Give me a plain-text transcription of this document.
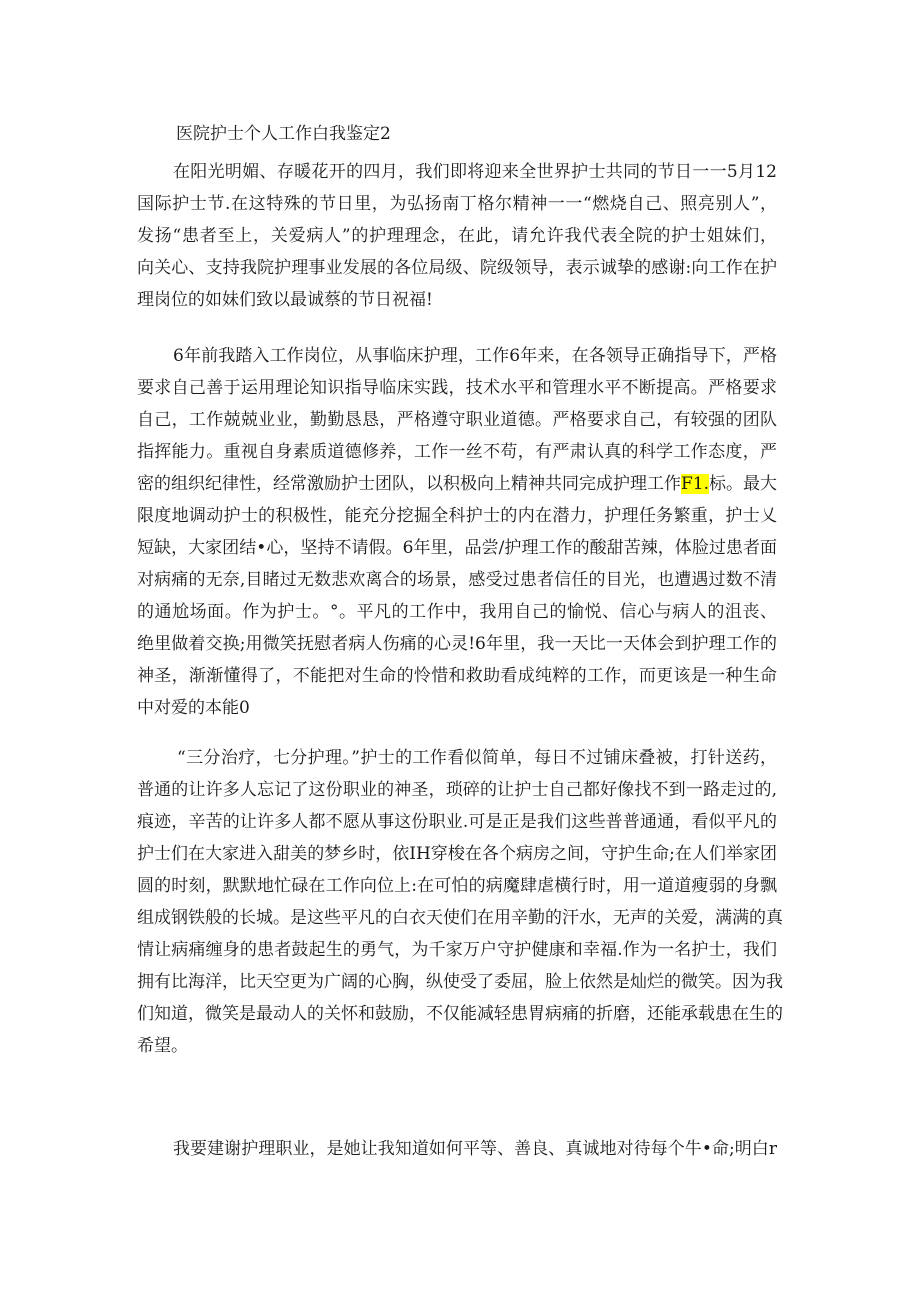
医院护士个人工作白我鉴定2
在阳光明媚、存暖花开的四月，我们即将迎来全世界护士共同的节日一一5月12
国际护士节.在这特殊的节日里，为弘扬南丁格尔精神一一“燃烧自己、照亮别人”，
发扬“患者至上，关爱病人”的护理理念，在此，请允许我代表全院的护士姐妹们，
向关心、支持我院护理事业发展的各位局级、院级领导，表示诚挚的感谢:向工作在护
理岗位的如妹们致以最诚蔡的节日祝福!
6年前我踏入工作岗位，从事临床护理，工作6年来，在各领导正确指导下，严格
要求自己善于运用理论知识指导临床实践，技术水平和管理水平不断提高。严格要求
自己，工作兢兢业业，勤勤恳恳，严格遵守职业道德。严格要求自己，有较强的团队
指挥能力。重视自身素质道德修养，工作一丝不苟，有严肃认真的科学工作态度，严
密的组织纪律性，经常激励护士团队，以积极向上精神共同完成护理工作F1.标。最大
限度地调动护士的积极性，能充分挖掘全科护士的内在潜力，护理任务繁重，护士乂
短缺，大家团结•心，坚持不请假。6年里，品尝/护理工作的酸甜苦辣，体脸过患者面
对病痛的无奈,目睹过无数悲欢离合的场景，感受过患者信任的目光，也遭遇过数不清
的通尬场面。作为护士。°。平凡的工作中，我用自己的愉悦、信心与病人的沮丧、
绝里做着交换;用微笑抚慰者病人伤痛的心灵!6年里，我一天比一天体会到护理工作的
神圣，渐渐懂得了，不能把对生命的怜惜和救助看成纯粹的工作，而更该是一种生命
中对爱的本能0
“三分治疗，七分护理。”护士的工作看似简单，每日不过铺床叠被，打针送药，
普通的让许多人忘记了这份职业的神圣，琐碎的让护士自己都好像找不到一路走过的,
痕迹，辛苦的让许多人都不愿从事这份职业.可是正是我们这些普普通通，看似平凡的
护士们在大家进入甜美的梦乡时，依IH穿梭在各个病房之间，守护生命;在人们举家团
圆的时刻，默默地忙碌在工作向位上:在可怕的病魔肆虐横行时，用一道道瘦弱的身飘
组成钢铁般的长城。是这些平凡的白衣天使们在用辛勤的汗水，无声的关爱，满满的真
情让病痛缠身的患者鼓起生的勇气，为千家万户守护健康和幸福.作为一名护士，我们
拥有比海洋，比天空更为广阔的心胸，纵使受了委屈，脸上依然是灿烂的微笑。因为我
们知道，微笑是最动人的关怀和鼓励，不仅能减轻患胃病痛的折磨，还能承载患在生的
希望。
我要建谢护理职业，是她让我知道如何平等、善良、真诚地对待每个牛•命;明白r
